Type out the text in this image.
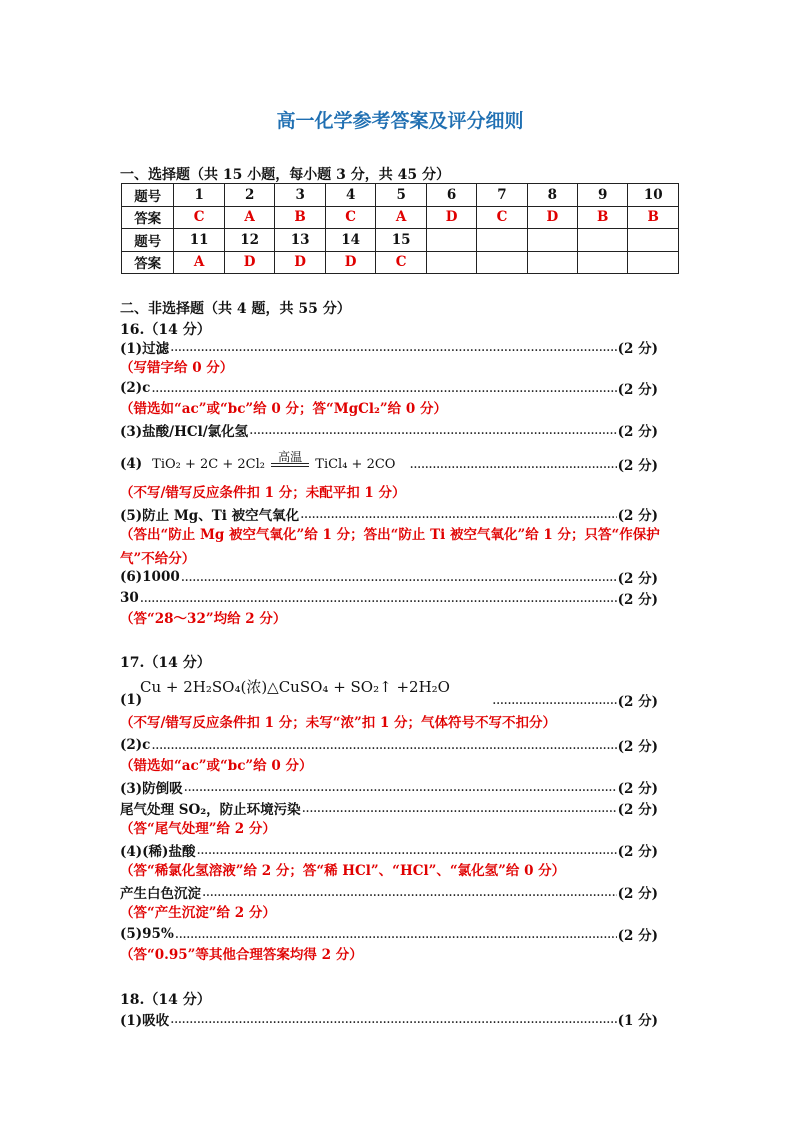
高一化学参考答案及评分细则
一、选择题（共 15 小题，每小题 3 分，共 45 分）
题号	1	2	3	4	5	6	7	8	9	10
答案	C	A	B	C	A	D	C	D	B	B
题号	11	12	13	14	15					
答案	A	D	D	D	C					
二、非选择题（共 4 题，共 55 分）
16.（14 分）
(1)过滤 .....	(2 分)
（写错字给 0 分）
(2)c .....	(2 分)
（错选如“ac”或“bc”给 0 分；答“MgCl₂”给 0 分）
(3)盐酸/HCl/氯化氢 .....	(2 分)
(4) TiO₂ + 2C + 2Cl₂	高温	TiCl₄ + 2CO .....	(2 分)
（不写/错写反应条件扣 1 分；未配平扣 1 分）
(5)防止 Mg、Ti 被空气氧化 .....	(2 分)
（答出“防止 Mg 被空气氧化”给 1 分；答出“防止 Ti 被空气氧化”给 1 分；只答“作保护气”不给分）
(6)1000 .....	(2 分)
30 .....	(2 分)
（答“28～32”均给 2 分）
17.（14 分）
Cu + 2H₂SO₄(浓)△CuSO₄ + SO₂↑ +2H₂O
(1) .....	(2 分)
（不写/错写反应条件扣 1 分；未写“浓”扣 1 分；气体符号不写不扣分）
(2)c .....	(2 分)
（错选如“ac”或“bc”给 0 分）
(3)防倒吸 .....	(2 分)
尾气处理 SO₂，防止环境污染 .....	(2 分)
（答“尾气处理”给 2 分）
(4)(稀)盐酸 .....	(2 分)
（答“稀氯化氢溶液”给 2 分；答“稀 HCl”、“HCl”、“氯化氢”给 0 分）
产生白色沉淀 .....	(2 分)
（答“产生沉淀”给 2 分）
(5)95% .....	(2 分)
（答“0.95”等其他合理答案均得 2 分）
18.（14 分）
(1)吸收 .....	(1 分)
